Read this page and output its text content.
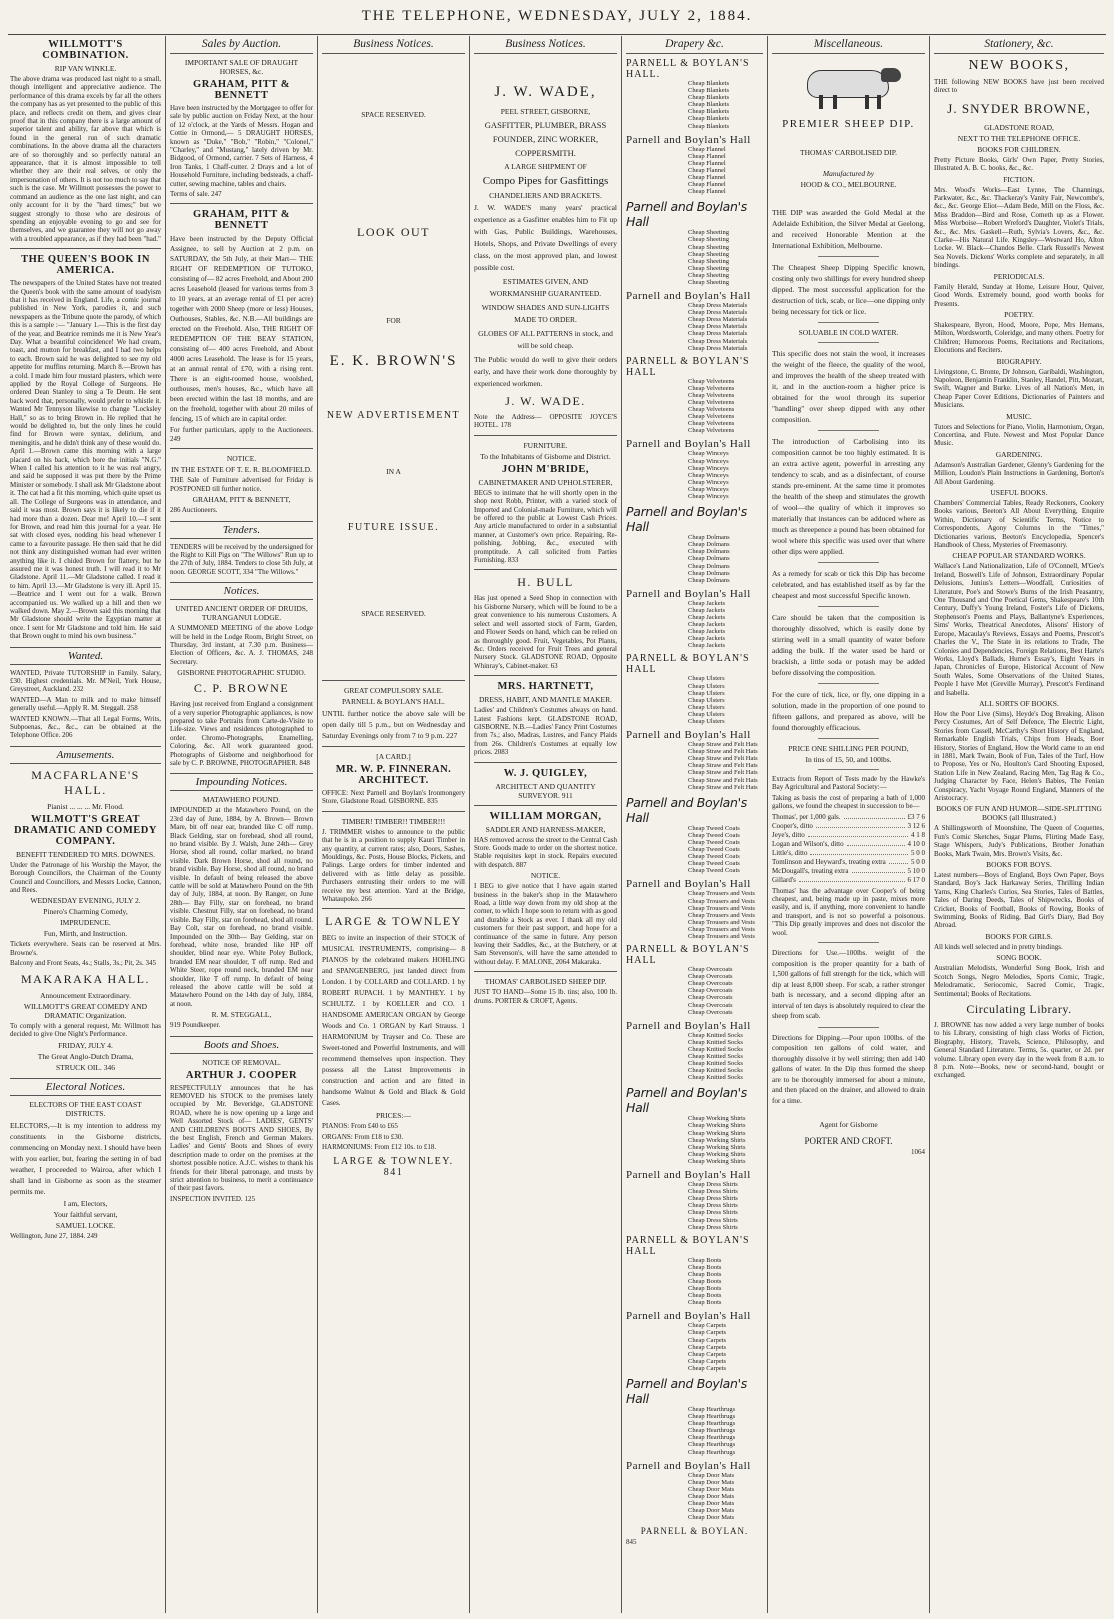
THE TELEPHONE, WEDNESDAY, JULY 2, 1884.
WILLMOTT'S COMBINATION.
RIP VAN WINKLE.
The above drama was produced last night to a small, though intelligent and appreciative audience. The performance of this drama excels by far all the others the company has as yet presented to the public of this place, and reflects credit on them, and gives clear proof that in this company there is a large amount of superior talent and ability, far above that which is found in the general run of such dramatic combinations. In the above drama all the characters are of so thoroughly and so perfectly natural an appearance, that it is almost impossible to tell whether they are their real selves, or only the impersonation of others. It is not too much to say that such is the case. Mr Willmott possesses the power to command an audience as the one last night, and can only account for it by the "hard times;" but we suggest strongly to those who are desirous of spending an enjoyable evening to go and see for themselves, and we guarantee they will not go away with a troubled appearance, as if they had been "had."
THE QUEEN'S BOOK IN AMERICA.
The newspapers of the United States have not treated the Queen's book with the same amount of toadyism that it has received in England. Life, a comic journal published in New York, parodies it, and such newspapers as the Tribune quote the parody, of which this is a sample :— "January 1.—This is the first day of the year, and Beatrice reminds me it is New Year's Day. What a beautiful coincidence! We had cream, toast, and mutton for breakfast, and I had two helps to each. Brown said he was delighted to see my old appetite for muffins returning. March 8.—Brown has a cold. I made him four mustard plasters, which were applied by the Royal College of Surgeons. He ordered Dean Stanley to sing a Te Deum. He sent back word that, personally, would prefer to whistle it. Wanted Mr Tennyson likewise to change "Locksley Hall," so as to bring Brown in. He replied that he would be delighted to, but the only lines he could find for Brown were syntax, delirium, and meningitis, and he didn't think any of these would do. April 1.—Brown came this morning with a large placard on his back, which bore the initials "N.G." When I called his attention to it he was real angry, and said he supposed it was put there by the Prime Minister or somebody. I shall ask Mr Gladstone about it. The cat had a fit this morning, which quite upset us all. The College of Surgeons was in attendance, and said it was most. Brown says it is likely to die if it had more than a dozen. Dear me! April 10.—I sent for Brown, and read him this journal for a year. He sat with closed eyes, nodding his head whenever I came to a favourite passage. He then said that he did not think any distinguished woman had ever written anything like it. I chided Brown for flattery, but he assured me it was honest truth. I will read it to Mr Gladstone. April 11.—Mr Gladstone called. I read it to him. April 13.—Mr Gladstone is very ill. April 15.—Beatrice and I went out for a walk. Brown accompanied us. We walked up a hill and then we walked down. May 2.—Brown said this morning that Mr Gladstone should write the Egyptian matter at once. I sent for Mr Gladstone and told him. He said that Brown ought to mind his own business."
Wanted.
WANTED, Private TUTORSHIP in Family. Salary, £30. Highest credentials. Mr. M'Neil, York House, Greystreet, Auckland. 232
WANTED—A Man to milk and to make himself generally useful.—Apply R. M. Steggall. 258
WANTED KNOWN.—That all Legal Forms, Writs, Subpoenas, &c., &c., can be obtained at the Telephone Office. 206
Amusements.
MACFARLANE'S HALL.
Pianist ... ... ... Mr. Flood.
WILMOTT'S GREAT DRAMATIC AND COMEDY COMPANY.
BENEFIT TENDERED TO MRS. DOWNES.
Under the Patronage of his Worship the Mayor, the Borough Councillors, the Chairman of the County Council and Councillors, and Messrs Locke, Cannon, and Rees.
WEDNESDAY EVENING, JULY 2.
Pinero's Charming Comedy,
IMPRUDENCE.
Fun, Mirth, and Instruction.
Tickets everywhere. Seats can be reserved at Mrs. Browne's.
Balcony and Front Seats, 4s.; Stalls, 3s.; Pit, 2s. 345
MAKARAKA HALL.
Announcement Extraordinary.
WILLMOTT'S GREAT COMEDY AND DRAMATIC Organization.
To comply with a general request, Mr. Willmott has decided to give One Night's Performance.
FRIDAY, JULY 4.
The Great Anglo-Dutch Drama,
STRUCK OIL. 346
Electoral Notices.
ELECTORS OF THE EAST COAST DISTRICTS.
ELECTORS,—It is my intention to address my constituents in the Gisborne districts, commencing on Monday next. I should have been with you earlier, but, fearing the setting in of bad weather, I proceeded to Wairoa, after which I shall land in Gisborne as soon as the steamer permits me.
I am, Electors,
Your faithful servant,
SAMUEL LOCKE.
Wellington, June 27, 1884. 249
Sales by Auction.
IMPORTANT SALE OF DRAUGHT HORSES, &c.
GRAHAM, PITT & BENNETT
Have been instructed by the Mortgagee to offer for sale by public auction on Friday Next, at the hour of 12 o'clock, at the Yards of Messrs. Hogan and Cottie in Ormond,— 5 DRAUGHT HORSES, known as "Duke," "Bob," "Robin," "Colonel," "Charley," and "Mustang," lately driven by Mr. Bidgood, of Ormond, carrier. 7 Sets of Harness, 4 Iron Tanks, 1 Chaff-cutter. 2 Drays and a lot of Household Furniture, including bedsteads, a chaff-cutter, sewing machine, tables and chairs.
Terms of sale. 247
GRAHAM, PITT & BENNETT
Have been instructed by the Deputy Official Assignee, to sell by Auction at 2 p.m. on SATURDAY, the 5th July, at their Mart— THE RIGHT OF REDEMPTION OF TUTOKO, consisting of— 82 acres Freehold, and About 200 acres Leasehold (leased for various terms from 3 to 10 years, at an average rental of £1 per acre) together with 2000 Sheep (more or less) Houses, Outhouses, Stables, &c. N.B.—All buildings are erected on the Freehold. Also, THE RIGHT OF REDEMPTION OF THE BEAY STATION, consisting of— 400 acres Freehold, and About 4000 acres Leasehold. The lease is for 15 years, at an annual rental of £70, with a rising rent. There is an eight-roomed house, woolshed, outhouses, men's houses, &c., which have all been erected within the last 18 months, and are on the freehold, together with about 20 miles of fencing, 15 of which are in capital order.
For further particulars, apply to the Auctioneers. 249
NOTICE.
IN THE ESTATE OF T. E. R. BLOOMFIELD.
THE Sale of Furniture advertised for Friday is POSTPONED till further notice.
GRAHAM, PITT & BENNETT,
286 Auctioneers.
Tenders.
TENDERS will be received by the undersigned for the Right to Kill Pigs on "The Willows" Run up to the 27th of July, 1884. Tenders to close 5th July, at noon. GEORGE SCOTT, 334 "The Willows."
Notices.
UNITED ANCIENT ORDER OF DRUIDS, TURANGANUI LODGE.
A SUMMONED MEETING of the above Lodge will be held in the Lodge Room, Bright Street, on Thursday, 3rd instant, at 7.30 p.m. Business—Election of Officers, &c. A. J. THOMAS, 248 Secretary.
GISBORNE PHOTOGRAPHIC STUDIO.
C. P. BROWNE
Having just received from England a consignment of a very superior Photographic appliances, is now prepared to take Portraits from Carte-de-Visite to Life-size. Views and residences photographed to order. Chromo-Photographs, Enamelling, Coloring, &c. All work guaranteed good. Photographs of Gisborne and neighborhood for sale by C. P. BROWNE, PHOTOGRAPHER. 848
Impounding Notices.
MATAWHERO POUND.
IMPOUNDED at the Matawhero Pound, on the 23rd day of June, 1884, by A. Brown— Brown Mare, bit off near ear, branded like C off rump. Black Gelding, star on forehead, shod all round, no brand visible. By J. Walsh, June 24th— Grey Horse, shod all round, collar marked, no brand visible. Dark Brown Horse, shod all round, no brand visible. Bay Horse, shod all round, no brand visible. In default of being released the above cattle will be sold at Matawhero Pound on the 9th day of July, 1884, at noon. By Ranger, on June 28th— Bay Filly, star on forehead, no brand visible. Chestnut Filly, star on forehead, no brand visible. Bay Filly, star on forehead, shod all round. Bay Colt, star on forehead, no brand visible. Impounded on the 30th— Bay Gelding, star on forehead, white nose, branded like HP off shoulder, blind near eye. White Poley Bullock, branded EM near shoulder, T off rump. Red and White Steer, rope round neck, branded EM near shoulder, like T off rump. In default of being released the above cattle will be sold at Matawhero Pound on the 14th day of July, 1884, at noon.
R. M. STEGGALL,
919 Poundkeeper.
Boots and Shoes.
NOTICE OF REMOVAL.
ARTHUR J. COOPER
RESPECTFULLY announces that he has REMOVED his STOCK to the premises lately occupied by Mr. Beveridge, GLADSTONE ROAD, where he is now opening up a large and Well Assorted Stock of— LADIES', GENTS' AND CHILDREN'S BOOTS AND SHOES, By the best English, French and German Makers. Ladies' and Gents' Boots and Shoes of every description made to order on the premises at the shortest possible notice. A.J.C. wishes to thank his friends for their liberal patronage, and trusts by strict attention to business, to merit a continuance of their past favors.
INSPECTION INVITED. 125
Business Notices.
SPACE RESERVED.
LOOK OUT
FOR
E. K. BROWN'S
NEW ADVERTISEMENT
IN A
FUTURE ISSUE.
SPACE RESERVED.
GREAT COMPULSORY SALE.
PARNELL & BOYLAN'S HALL.
UNTIL further notice the above sale will be open daily till 5 p.m., but on Wednesday and Saturday Evenings only from 7 to 9 p.m. 227
[A CARD.]
MR. W. P. FINNERAN. ARCHITECT.
OFFICE: Next Parnell and Boylan's Ironmongery Store, Gladstone Road. GISBORNE. 835
TIMBER! TIMBER!! TIMBER!!!
J. TRIMMER wishes to announce to the public that he is in a position to supply Kauri Timber in any quantity, at current rates; also, Doors, Sashes, Mouldings, &c. Posts, House Blocks, Pickets, and Palings. Large orders for timber indented and delivered with as little delay as possible. Purchasers entrusting their orders to me will receive my best attention. Yard at the Bridge, Whataupoko. 266
LARGE & TOWNLEY
BEG to invite an inspection of their STOCK of MUSICAL INSTRUMENTS, comprising— 8 PIANOS by the celebrated makers HOHLING and SPANGENBERG, just landed direct from London. 1 by COLLARD and COLLARD. 1 by ROBERT RUPACH. 1 by MANTHEY. 1 by SCHULTZ. 1 by KOELLER and CO. 1 HANDSOME AMERICAN ORGAN by George Woods and Co. 1 ORGAN by Karl Strauss. 1 HARMONIUM by Trayser and Co. These are Sweet-toned and Powerful Instruments, and will recommend themselves upon inspection. They possess all the Latest Improvements in construction and action and are fitted in handsome Walnut & Gold and Black & Gold Cases.
PRICES:—
PIANOS: From £40 to £65
ORGANS: From £18 to £30.
HARMONIUMS: From £12 10s. to £18.
LARGE & TOWNLEY. 841
Business Notices.
J. W. WADE,
PEEL STREET, GISBORNE,
GASFITTER, PLUMBER, BRASS FOUNDER, ZINC WORKER, COPPERSMITH.
A LARGE SHIPMENT OF
Compo Pipes for Gasfittings
CHANDELIERS AND BRACKETS.
J. W. WADE'S many years' practical experience as a Gasfitter enables him to Fit up with Gas, Public Buildings, Warehouses, Hotels, Shops, and Private Dwellings of every class, on the most approved plan, and lowest possible cost.
ESTIMATES GIVEN, AND WORKMANSHIP GUARANTEED.
WINDOW SHADES AND SUN-LIGHTS MADE TO ORDER.
GLOBES OF ALL PATTERNS in stock, and will be sold cheap.
The Public would do well to give their orders early, and have their work done thoroughly by experienced workmen.
J. W. WADE.
Note the Address— OPPOSITE JOYCE'S HOTEL. 178
FURNITURE.
To the Inhabitants of Gisborne and District.
JOHN M'BRIDE,
CABINETMAKER AND UPHOLSTERER,
BEGS to intimate that he will shortly open in the shop next Robb, Printer, with a varied stock of Imported and Colonial-made Furniture, which will be offered to the public at Lowest Cash Prices. Any article manufactured to order in a substantial manner, at Customer's own price. Repairing, Re-polishing, Jobbing, &c., executed with promptitude. A call solicited from Parties Furnishing. 833
H. BULL
Has just opened a Seed Shop in connection with his Gisborne Nursery, which will be found to be a great convenience to his numerous Customers. A select and well assorted stock of Farm, Garden, and Flower Seeds on hand, which can be relied on as thoroughly good. Fruit, Vegetables, Pot Plants, &c. Orders received for Fruit Trees and general Nursery Stock. GLADSTONE ROAD, Opposite Whinray's, Cabinet-maker. 63
MRS. HARTNETT,
DRESS, HABIT, AND MANTLE MAKER.
Ladies' and Children's Costumes always on hand. Latest Fashions kept. GLADSTONE ROAD, GISBORNE. N.B.—Ladies' Fancy Print Costumes from 7s.; also, Madras, Lustres, and Fancy Plaids from 26s. Children's Costumes at equally low prices. 2083
W. J. QUIGLEY,
ARCHITECT AND QUANTITY SURVEYOR. 911
WILLIAM MORGAN,
SADDLER AND HARNESS-MAKER,
HAS removed across the street to the Central Cash Store. Goods made to order on the shortest notice. Stable requisites kept in stock. Repairs executed with despatch. 887
NOTICE.
I BEG to give notice that I have again started business in the baker's shop in the Matawhero Road, a little way down from my old shop at the corner, to which I hope soon to return with as good and durable a Stock as ever. I thank all my old customers for their past support, and hope for a continuance of the same in future. Any person leaving their Saddles, &c., at the Butchery, or at Sam Stevenson's, will have the same attended to without delay. F. MALONE, 2064 Makaraka.
THOMAS' CARBOLISED SHEEP DIP.
JUST TO HAND—Some 15 lb. tins; also, 100 lb. drums. PORTER & CROFT, Agents.
Drapery &c.
PARNELL & BOYLAN'S HALL.
Cheap Blankets
Cheap Blankets
Cheap Blankets
Cheap Blankets
Cheap Blankets
Cheap Blankets
Cheap Blankets
Parnell and Boylan's Hall
Cheap Flannel
Cheap Flannel
Cheap Flannel
Cheap Flannel
Cheap Flannel
Cheap Flannel
Cheap Flannel
Parnell and Boylan's Hall
Cheap Sheeting
Cheap Sheeting
Cheap Sheeting
Cheap Sheeting
Cheap Sheeting
Cheap Sheeting
Cheap Sheeting
Cheap Sheeting
Parnell and Boylan's Hall
Cheap Dress Materials
Cheap Dress Materials
Cheap Dress Materials
Cheap Dress Materials
Cheap Dress Materials
Cheap Dress Materials
Cheap Dress Materials
PARNELL & BOYLAN'S HALL
Cheap Velveteens
Cheap Velveteens
Cheap Velveteens
Cheap Velveteens
Cheap Velveteens
Cheap Velveteens
Cheap Velveteens
Cheap Velveteens
Parnell and Boylan's Hall
Cheap Winceys
Cheap Winceys
Cheap Winceys
Cheap Winceys
Cheap Winceys
Cheap Winceys
Cheap Winceys
Parnell and Boylan's Hall
Cheap Dolmans
Cheap Dolmans
Cheap Dolmans
Cheap Dolmans
Cheap Dolmans
Cheap Dolmans
Cheap Dolmans
Parnell and Boylan's Hall
Cheap Jackets
Cheap Jackets
Cheap Jackets
Cheap Jackets
Cheap Jackets
Cheap Jackets
Cheap Jackets
PARNELL & BOYLAN'S HALL
Cheap Ulsters
Cheap Ulsters
Cheap Ulsters
Cheap Ulsters
Cheap Ulsters
Cheap Ulsters
Cheap Ulsters
Parnell and Boylan's Hall
Cheap Straw and Felt Hats
Cheap Straw and Felt Hats
Cheap Straw and Felt Hats
Cheap Straw and Felt Hats
Cheap Straw and Felt Hats
Cheap Straw and Felt Hats
Cheap Straw and Felt Hats
Parnell and Boylan's Hall
Cheap Tweed Coats
Cheap Tweed Coats
Cheap Tweed Coats
Cheap Tweed Coats
Cheap Tweed Coats
Cheap Tweed Coats
Cheap Tweed Coats
Parnell and Boylan's Hall
Cheap Trousers and Vests
Cheap Trousers and Vests
Cheap Trousers and Vests
Cheap Trousers and Vests
Cheap Trousers and Vests
Cheap Trousers and Vests
Cheap Trousers and Vests
PARNELL & BOYLAN'S HALL
Cheap Overcoats
Cheap Overcoats
Cheap Overcoats
Cheap Overcoats
Cheap Overcoats
Cheap Overcoats
Cheap Overcoats
Parnell and Boylan's Hall
Cheap Knitted Socks
Cheap Knitted Socks
Cheap Knitted Socks
Cheap Knitted Socks
Cheap Knitted Socks
Cheap Knitted Socks
Cheap Knitted Socks
Parnell and Boylan's Hall
Cheap Working Shirts
Cheap Working Shirts
Cheap Working Shirts
Cheap Working Shirts
Cheap Working Shirts
Cheap Working Shirts
Cheap Working Shirts
Parnell and Boylan's Hall
Cheap Dress Shirts
Cheap Dress Shirts
Cheap Dress Shirts
Cheap Dress Shirts
Cheap Dress Shirts
Cheap Dress Shirts
Cheap Dress Shirts
PARNELL & BOYLAN'S HALL
Cheap Boots
Cheap Boots
Cheap Boots
Cheap Boots
Cheap Boots
Cheap Boots
Cheap Boots
Parnell and Boylan's Hall
Cheap Carpets
Cheap Carpets
Cheap Carpets
Cheap Carpets
Cheap Carpets
Cheap Carpets
Cheap Carpets
Parnell and Boylan's Hall
Cheap Hearthrugs
Cheap Hearthrugs
Cheap Hearthrugs
Cheap Hearthrugs
Cheap Hearthrugs
Cheap Hearthrugs
Cheap Hearthrugs
Parnell and Boylan's Hall
Cheap Door Mats
Cheap Door Mats
Cheap Door Mats
Cheap Door Mats
Cheap Door Mats
Cheap Door Mats
Cheap Door Mats
PARNELL & BOYLAN.
845
Miscellaneous.
PREMIER SHEEP DIP.
THOMAS' CARBOLISED DIP.
Manufactured by
HOOD & CO., MELBOURNE.
THE DIP was awarded the Gold Medal at the Adelaide Exhibition, the Silver Medal at Geelong, and received Honorable Mention at the International Exhibition, Melbourne.
The Cheapest Sheep Dipping Specific known, costing only two shillings for every hundred sheep dipped. The most successful application for the destruction of tick, scab, or lice—one dipping only being necessary for tick or lice.
SOLUABLE IN COLD WATER.
This specific does not stain the wool, it increases the weight of the fleece, the quality of the wool, and improves the health of the sheep treated with it, and in the auction-room a higher price is obtained for the wool through its superior "handling" over sheep dipped with any other composition.
The introduction of Carbolising into its composition cannot be too highly estimated. It is an extra active agent, powerful in arresting any tendency to scab, and as a disinfectant, of course stands pre-eminent. At the same time it promotes the health of the sheep and stimulates the growth of wool—the quality of which it improves so materially that instances can be adduced where as much as threepence a pound has been obtained for wool where this specific was used over that where other dips were applied.
As a remedy for scab or tick this Dip has become celebrated, and has established itself as by far the cheapest and most successful Specific known.
Care should be taken that the composition is thoroughly dissolved, which is easily done by stirring well in a small quantity of water before adding the bulk. If the water used be hard or brackish, a little soda or potash may be added before dissolving the composition.
For the cure of tick, lice, or fly, one dipping in a solution, made in the proportion of one pound to fifteen gallons, and prepared as above, will be found thoroughly efficacious.
PRICE ONE SHILLING PER POUND,
In tins of 15, 50, and 100lbs.
Extracts from Report of Tests made by the Hawke's Bay Agricultural and Pastoral Society:—
Taking as basis the cost of preparing a bath of 1,000 gallons, we found the cheapest in succession to be—
Thomas', per 1,000 gals.	£3 7 6
Cooper's, ditto	3 12 6
Jeye's, ditto	4 1 8
Logan and Wilson's, ditto	4 10 0
Little's, ditto	5 0 0
Tomlinson and Heyward's, treating extra	5 0 0
McDougall's, treating extra	5 10 0
Gillard's	6 17 0
Thomas' has the advantage over Cooper's of being cheapest, and, being made up in paste, mixes more easily, and is, if anything, more convenient to handle and transport, and is not so powerful a poisonous. "This Dip greatly improves and does not discolor the wool.
Directions for Use.—100lbs. weight of the composition is the proper quantity for a bath of 1,500 gallons of full strength for the tick, which will dip at least 8,000 sheep. For scab, a rather stronger bath is necessary, and a second dipping after an interval of ten days is absolutely required to clear the sheep from scab.
Directions for Dipping.—Pour upon 100lbs. of the composition ten gallons of cold water, and thoroughly dissolve it by well stirring; then add 140 gallons of water. In the Dip thus formed the sheep are to be thoroughly immersed for about a minute, and then placed on the drainer, and allowed to drain for a time.
Agent for Gisborne
PORTER AND CROFT.
1064
Stationery, &c.
NEW BOOKS,
THE following NEW BOOKS have just been received direct to
J. SNYDER BROWNE,
GLADSTONE ROAD,
NEXT TO THE TELEPHONE OFFICE.
BOOKS FOR CHILDREN.
Pretty Picture Books, Girls' Own Paper, Pretty Stories, Illustrated A. B. C. books, &c., &c.
FICTION.
Mrs. Wood's Works—East Lynne, The Channings, Parkwater, &c., &c. Thackeray's Vanity Fair, Newcombe's, &c., &c. George Eliot—Adam Bede, Mill on the Floss, &c. Miss Braddon—Bird and Rose, Cometh up as a Flower. Miss Worboise—Robert Wreford's Daughter, Violet's Trials, &c., &c. Mrs. Gaskell—Ruth, Sylvia's Lovers, &c., &c. Clarke—His Natural Life. Kingsley—Westward Ho, Alton Locke. W. Black—Chandos Belle. Clark Russell's Newest Sea Novels. Dickens' Works complete and separately, in all bindings.
PERIODICALS.
Family Herald, Sunday at Home, Leisure Hour, Quiver, Good Words. Extremely bound, good worth books for Presents.
POETRY.
Shakespeare, Byron, Hood, Moore, Pope, Mrs Hemans, Milton, Wordsworth, Coleridge, and many others. Poetry for Children; Humorous Poems, Recitations and Recitations, Elocutions and Reciters.
BIOGRAPHY.
Livingstone, C. Bronte, Dr Johnson, Garibaldi, Washington, Napoleon, Benjamin Franklin, Stanley, Handel, Pitt, Mozart, Swift, Wagner and Burke. Lives of all Nation's Men, in Cheap Paper Cover Editions, Dictionaries of Painters and Musicians.
MUSIC.
Tutors and Selections for Piano, Violin, Harmonium, Organ, Concertina, and Flute. Newest and Most Popular Dance Music.
GARDENING.
Adamson's Australian Gardener, Glenny's Gardening for the Million, Loudon's Plain Instructions in Gardening, Borton's All About Gardening.
USEFUL BOOKS.
Chambers' Commercial Tables, Ready Reckoners, Cookery Books various, Beeton's All About Everything, Enquire Within, Dictionary of Scientific Terms, Notice to Correspondents, Agony Columns in the "Times," Dictionaries various, Beeton's Encyclopedia, Spencer's Handbook of Chess, Mysteries of Freemasonry.
CHEAP POPULAR STANDARD WORKS.
Wallace's Land Nationalization, Life of O'Connell, M'Gee's Ireland, Boswell's Life of Johnson, Extraordinary Popular Delusions, Junius's Letters—Woodfall, Curiosities of Literature, Poe's and Stowe's Burns of the Irish Peasantry, One Thousand and One Poetical Gems, Shakespeare's 10th Century, Duffy's Young Ireland, Foster's Life of Dickens, Stephenson's Poems and Plays, Ballantyne's Experiences, Sims' Works, Theatrical Anecdotes, Alisons' History of Europe, Macaulay's Reviews, Essays and Poems, Prescott's Charles the V., The State in its relations to Trade, The Colonies and Dependencies, Foreign Relations, Best Harte's Works, Lloyd's Ballads, Hume's Essay's, Eight Years in Japan, Chronicles of Europe, Historical Account of New South Wales, Some Observations of the United States, People I have Met (Greville Murray), Prescott's Ferdinand and Isabella.
ALL SORTS OF BOOKS.
How the Poor Live (Sims), Heyde's Dog Breaking, Alison Percy Costumes, Art of Self Defence, The Electric Light, Stories from Cassell, McCarthy's Short History of England, Remarkable English Trials, Chips from Heads, Boer History, Stories of England, How the World came to an end in 1881, Mark Twain, Book of Fun, Tales of the Turf, How to Propose, Yes or No, Houlton's Card Shooting Exposed, Station Life in New Zealand, Racing Men, Tag Rag & Co., Judging Character by Face, Helen's Babies, The Fenian Conspiracy, Yacht Voyage Round England, Manners of the Aristocracy.
BOOKS OF FUN AND HUMOR—SIDE-SPLITTING BOOKS (all Illustrated.)
A Shillingsworth of Moonshine, The Queen of Coquettes, Fun's Comic Sketches, Sugar Plums, Flirting Made Easy, Stage Whispers, Judy's Publications, Brother Jonathan Books, Mark Twain, Mrs. Brown's Visits, &c.
BOOKS FOR BOYS.
Latest numbers—Boys of England, Boys Own Paper, Boys Standard, Boy's Jack Harkaway Series, Thrilling Indian Yarns, King Charles's Curios, Sea Stories, Tales of Battles, Tales of Daring Deeds, Tales of Shipwrecks, Books of Cricket, Books of Football, Books of Rowing, Books of Swimming, Books of Riding, Bad Girl's Diary, Bad Boy Abroad.
BOOKS FOR GIRLS.
All kinds well selected and in pretty bindings.
SONG BOOK.
Australian Melodists, Wonderful Song Book, Irish and Scotch Songs, Negro Melodies, Sports Comic, Tragic, Melodramatic, Seriocomic, Sacred Comic, Tragic, Sentimental; Books of Recitations.
Circulating Library.
J. BROWNE has now added a very large number of books to his Library, consisting of high class Works of Fiction, Biography, History, Travels, Science, Philosophy, and General Standard Literature. Terms, 5s. quarter, or 2d. per volume. Library open every day in the week from 8 a.m. to 8 p.m. Note—Books, new or second-hand, bought or exchanged.
